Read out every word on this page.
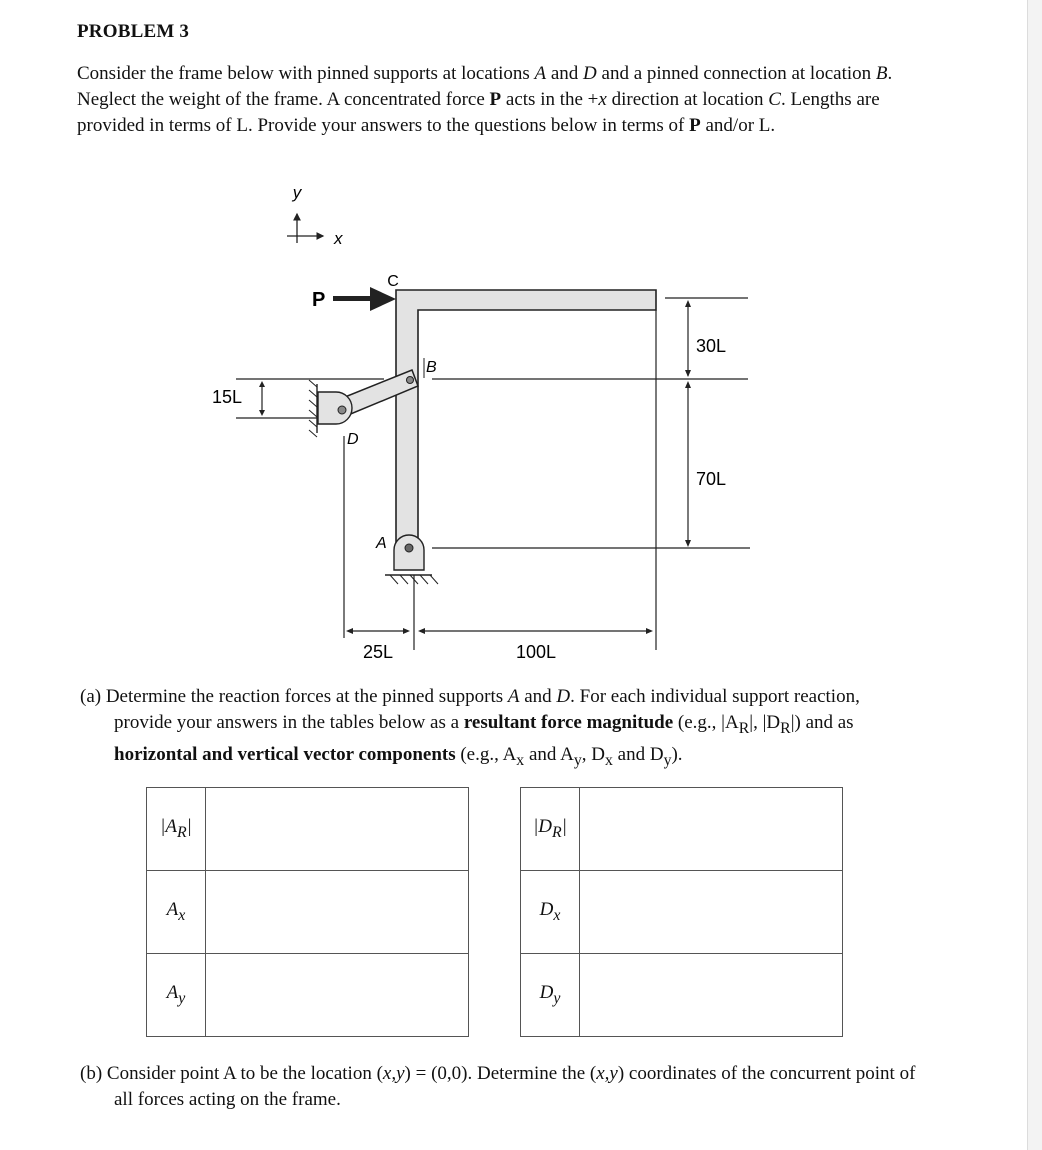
PROBLEM 3
Consider the frame below with pinned supports at locations A and D and a pinned connection at location B. Neglect the weight of the frame. A concentrated force P acts in the +x direction at location C. Lengths are provided in terms of L. Provide your answers to the questions below in terms of P and/or L.
y
x
P
C
B
D
A
15L
30L
70L
25L	100L
(a) Determine the reaction forces at the pinned supports A and D. For each individual support reaction, provide your answers in the tables below as a resultant force magnitude (e.g., $|A_R|$, $|D_R|$) and as horizontal and vertical vector components (e.g., $A_x$ and $A_y$, $D_x$ and $D_y$).
$|A_R|$	
$A_x$	
$A_y$	
$|D_R|$	
$D_x$	
$D_y$	
(b) Consider point A to be the location (x,y) = (0,0). Determine the (x,y) coordinates of the concurrent point of all forces acting on the frame.
